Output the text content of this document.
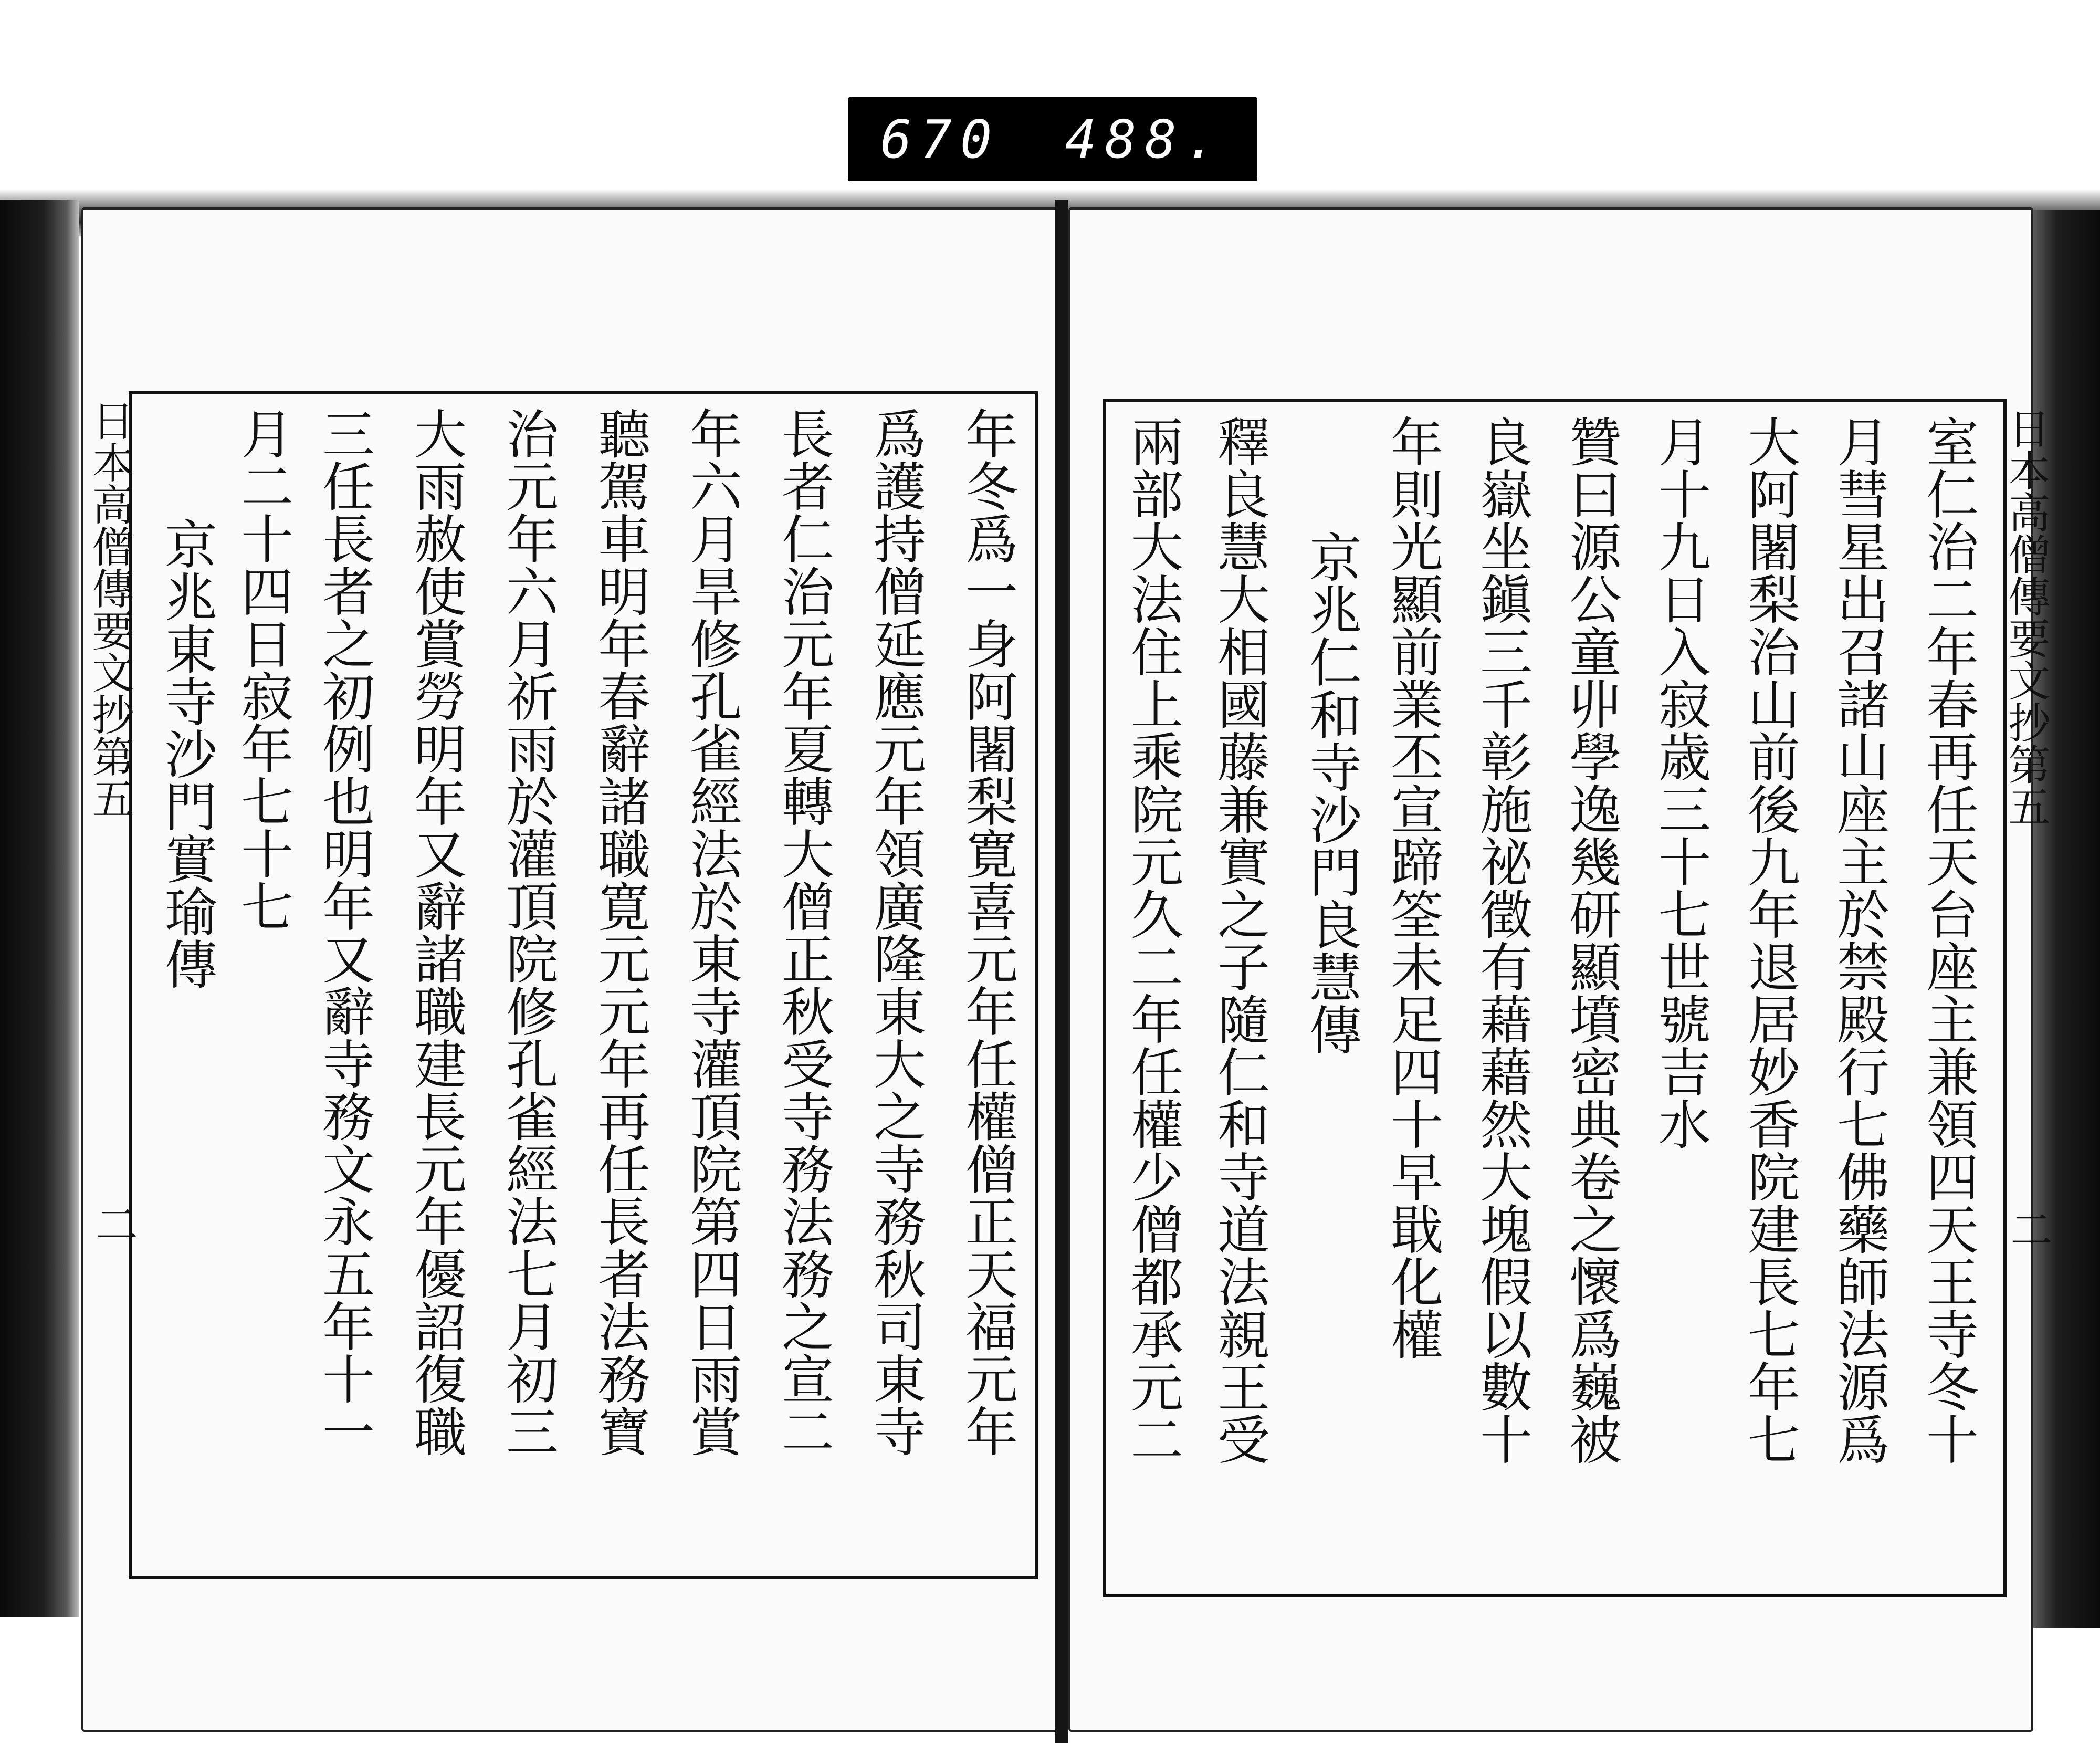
670 488.
日本高僧傳要文抄第五
二	年冬爲一身阿闍梨寛喜元年任權僧正天福元年
爲護持僧延應元年領廣隆東大之寺務秋司東寺
長者仁治元年夏轉大僧正秋受寺務法務之宣二
年六月旱修孔雀經法於東寺灌頂院第四日雨賞
聽駕車明年春辭諸職寛元元年再任長者法務寶
治元年六月祈雨於灌頂院修孔雀經法七月初三
大雨赦使賞勞明年又辭諸職建長元年優詔復職
三任長者之初例也明年又辭寺務文永五年十一
月二十四日寂年七十七
京兆東寺沙門實瑜傳	日本高僧傳要文抄第五
二
室仁治二年春再任天台座主兼領四天王寺冬十
月彗星出召諸山座主於禁殿行七佛藥師法源爲
大阿闍梨治山前後九年退居妙香院建長七年七
月十九日入寂歳三十七世號吉水
贊曰源公童丱學逸幾研顯墳密典卷之懷爲巍被
良嶽坐鎭三千彰施祕徵有藉藉然大塊假以數十
年則光顯前業丕宣蹄筌未足四十早戢化權
京兆仁和寺沙門良慧傳
釋良慧大相國藤兼實之子隨仁和寺道法親王受
兩部大法住上乘院元久二年任權少僧都承元二
